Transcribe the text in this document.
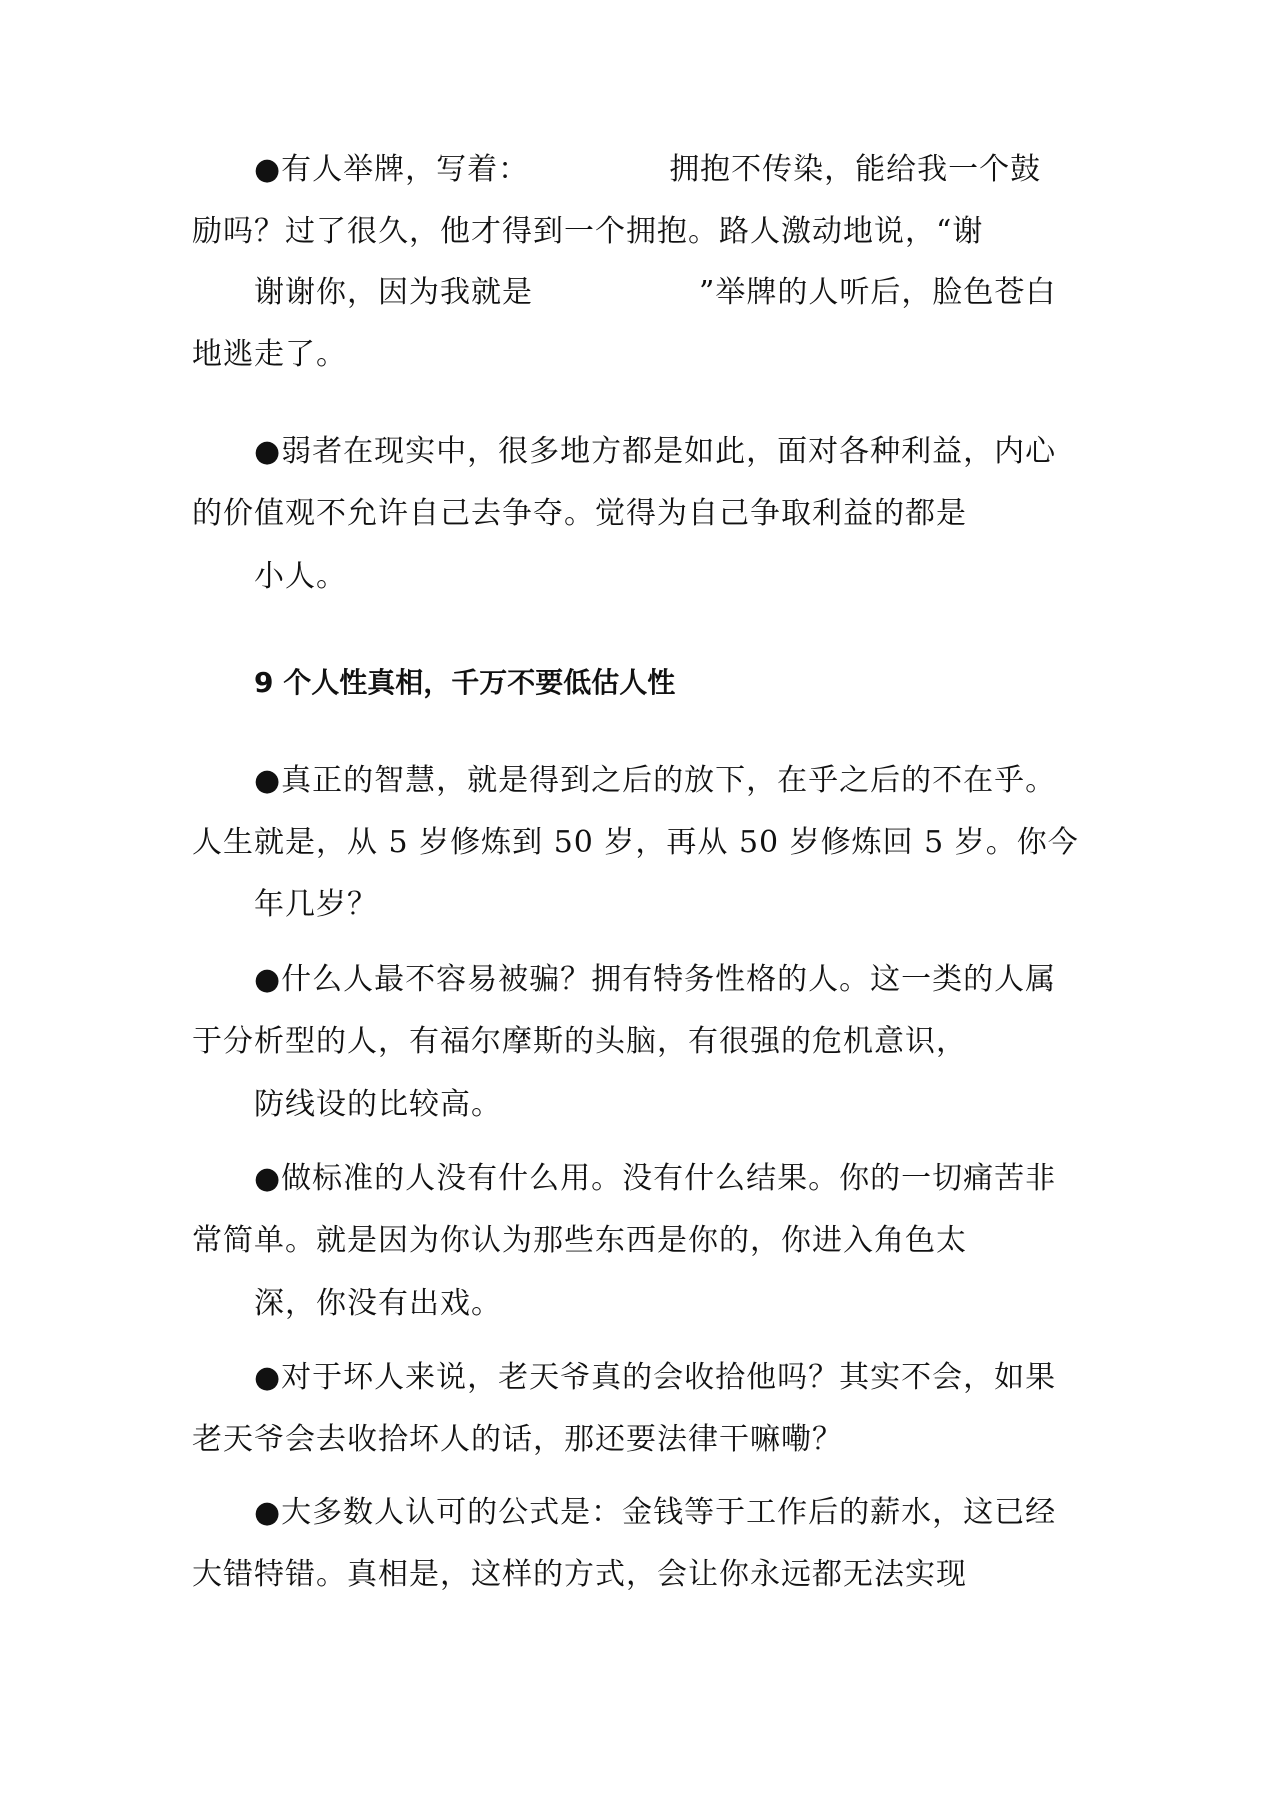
●有人举牌，写着：	拥抱不传染，能给我一个鼓
励吗？过了很久，他才得到一个拥抱。路人激动地说，“谢
谢谢你，因为我就是	”举牌的人听后，脸色苍白
地逃走了。
●弱者在现实中，很多地方都是如此，面对各种利益，内心
的价值观不允许自己去争夺。觉得为自己争取利益的都是
小人。
9 个人性真相，千万不要低估人性
●真正的智慧，就是得到之后的放下，在乎之后的不在乎。
人生就是，从 5 岁修炼到 50 岁，再从 50 岁修炼回 5 岁。你今
年几岁？
●什么人最不容易被骗？拥有特务性格的人。这一类的人属
于分析型的人，有福尔摩斯的头脑，有很强的危机意识，
防线设的比较高。
●做标准的人没有什么用。没有什么结果。你的一切痛苦非
常简单。就是因为你认为那些东西是你的，你进入角色太
深，你没有出戏。
●对于坏人来说，老天爷真的会收拾他吗？其实不会，如果
老天爷会去收拾坏人的话，那还要法律干嘛嘞？
●大多数人认可的公式是：金钱等于工作后的薪水，这已经
大错特错。真相是，这样的方式，会让你永远都无法实现
